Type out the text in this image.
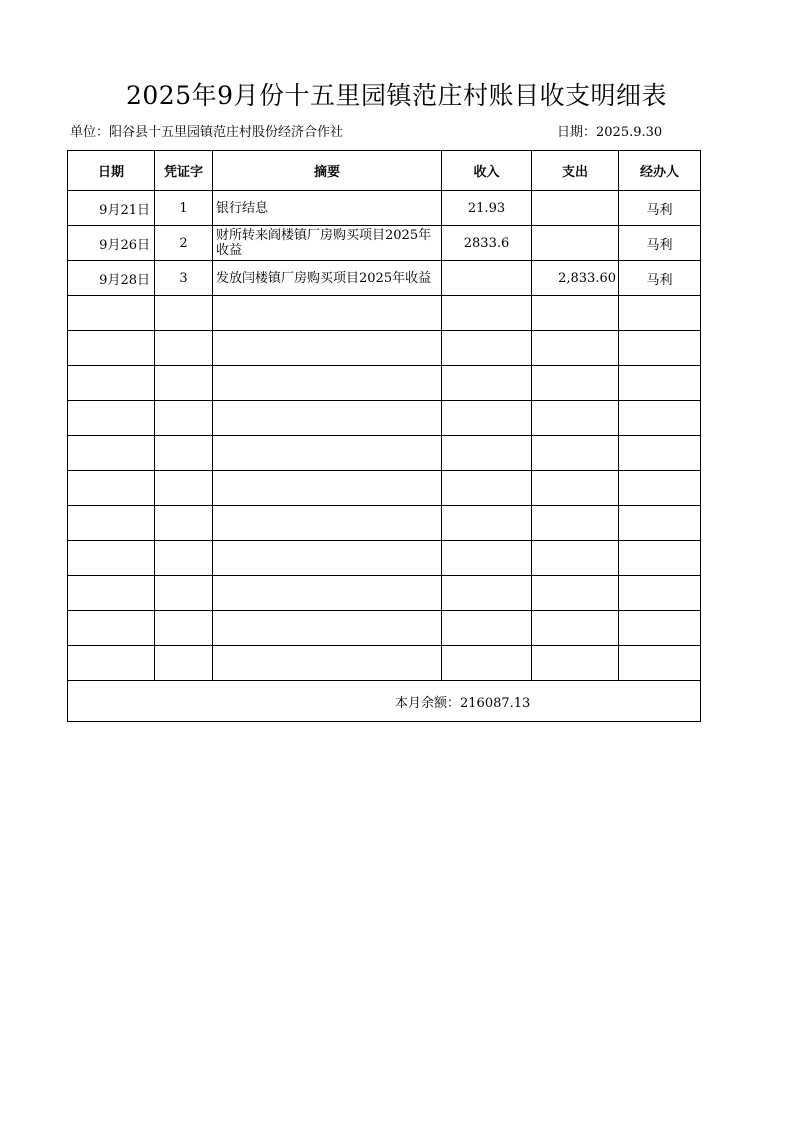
2025年9月份十五里园镇范庄村账目收支明细表
单位：阳谷县十五里园镇范庄村股份经济合作社	日期：2025.9.30
日期	凭证字	摘要	收入	支出	经办人
9月21日	1	银行结息	21.93		马利
9月26日	2	财所转来阎楼镇厂房购买项目2025年收益	2833.6		马利
9月28日	3	发放闫楼镇厂房购买项目2025年收益		2,833.60	马利

本月余额：216087.13					
